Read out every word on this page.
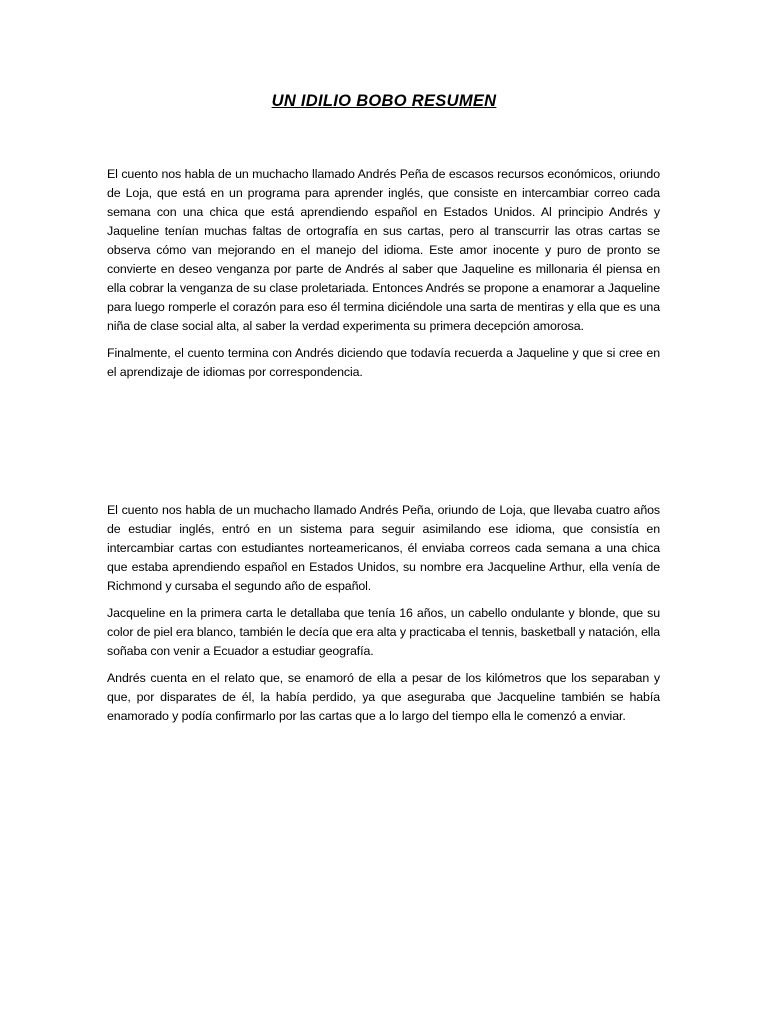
UN IDILIO BOBO RESUMEN

El cuento nos habla de un muchacho llamado Andrés Peña de escasos recursos económicos, oriundo de Loja, que está en un programa para aprender inglés, que consiste en intercambiar correo cada semana con una chica que está aprendiendo español en Estados Unidos. Al principio Andrés y Jaqueline tenían muchas faltas de ortografía en sus cartas, pero al transcurrir las otras cartas se observa cómo van mejorando en el manejo del idioma. Este amor inocente y puro de pronto se convierte en deseo venganza por parte de Andrés al saber que Jaqueline es millonaria él piensa en ella cobrar la venganza de su clase proletariada. Entonces Andrés se propone a enamorar a Jaqueline para luego romperle el corazón para eso él termina diciéndole una sarta de mentiras y ella que es una niña de clase social alta, al saber la verdad experimenta su primera decepción amorosa.

Finalmente, el cuento termina con Andrés diciendo que todavía recuerda a Jaqueline y que si cree en el aprendizaje de idiomas por correspondencia.

El cuento nos habla de un muchacho llamado Andrés Peña, oriundo de Loja, que llevaba cuatro años de estudiar inglés, entró en un sistema para seguir asimilando ese idioma, que consistía en intercambiar cartas con estudiantes norteamericanos, él enviaba correos cada semana a una chica que estaba aprendiendo español en Estados Unidos, su nombre era Jacqueline Arthur, ella venía de Richmond y cursaba el segundo año de español.

Jacqueline en la primera carta le detallaba que tenía 16 años, un cabello ondulante y blonde, que su color de piel era blanco, también le decía que era alta y practicaba el tennis, basketball y natación, ella soñaba con venir a Ecuador a estudiar geografía.

Andrés cuenta en el relato que, se enamoró de ella a pesar de los kilómetros que los separaban y que, por disparates de él, la había perdido, ya que aseguraba que Jacqueline también se había enamorado y podía confirmarlo por las cartas que a lo largo del tiempo ella le comenzó a enviar.
